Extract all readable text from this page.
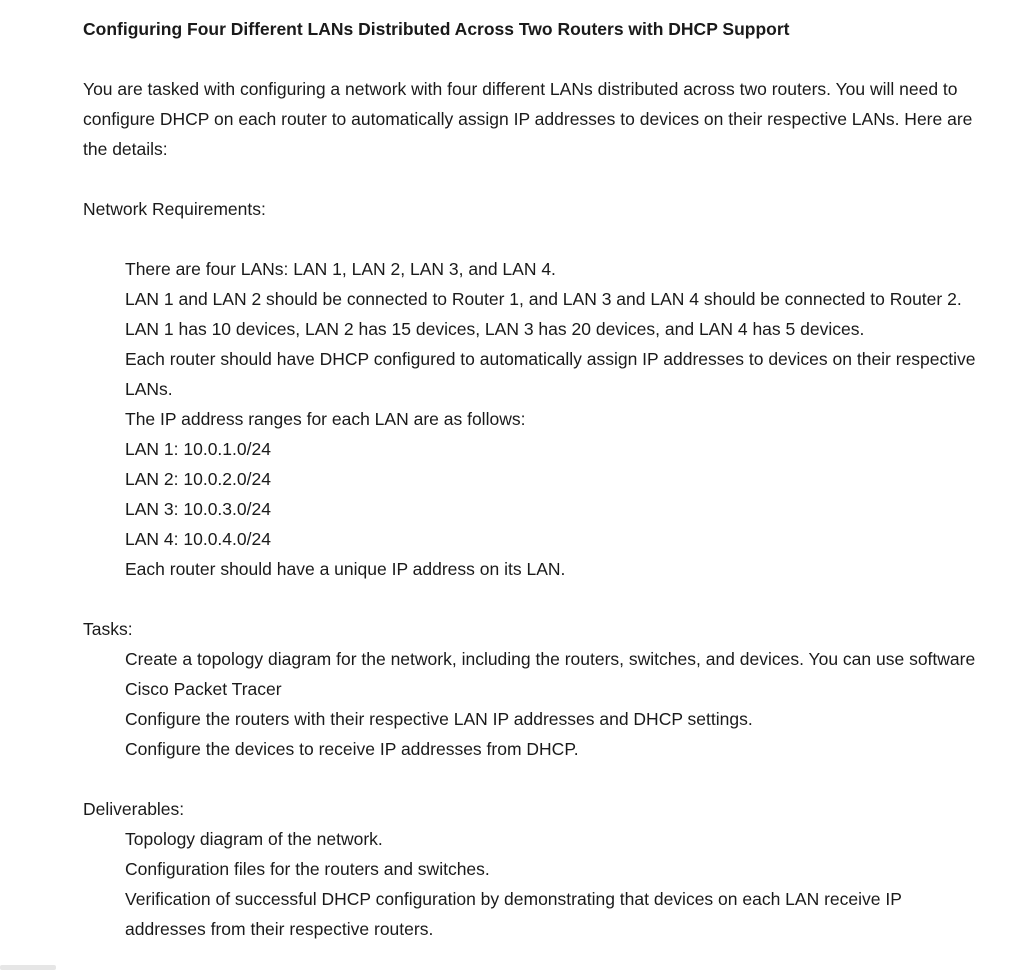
Configuring Four Different LANs Distributed Across Two Routers with DHCP Support

You are tasked with configuring a network with four different LANs distributed across two routers. You will need to configure DHCP on each router to automatically assign IP addresses to devices on their respective LANs. Here are the details:

Network Requirements:

There are four LANs: LAN 1, LAN 2, LAN 3, and LAN 4.
LAN 1 and LAN 2 should be connected to Router 1, and LAN 3 and LAN 4 should be connected to Router 2.
LAN 1 has 10 devices, LAN 2 has 15 devices, LAN 3 has 20 devices, and LAN 4 has 5 devices.
Each router should have DHCP configured to automatically assign IP addresses to devices on their respective LANs.
The IP address ranges for each LAN are as follows:
LAN 1: 10.0.1.0/24
LAN 2: 10.0.2.0/24
LAN 3: 10.0.3.0/24
LAN 4: 10.0.4.0/24
Each router should have a unique IP address on its LAN.

Tasks:

Create a topology diagram for the network, including the routers, switches, and devices. You can use software Cisco Packet Tracer
Configure the routers with their respective LAN IP addresses and DHCP settings.
Configure the devices to receive IP addresses from DHCP.

Deliverables:

Topology diagram of the network.
Configuration files for the routers and switches.
Verification of successful DHCP configuration by demonstrating that devices on each LAN receive IP addresses from their respective routers.
